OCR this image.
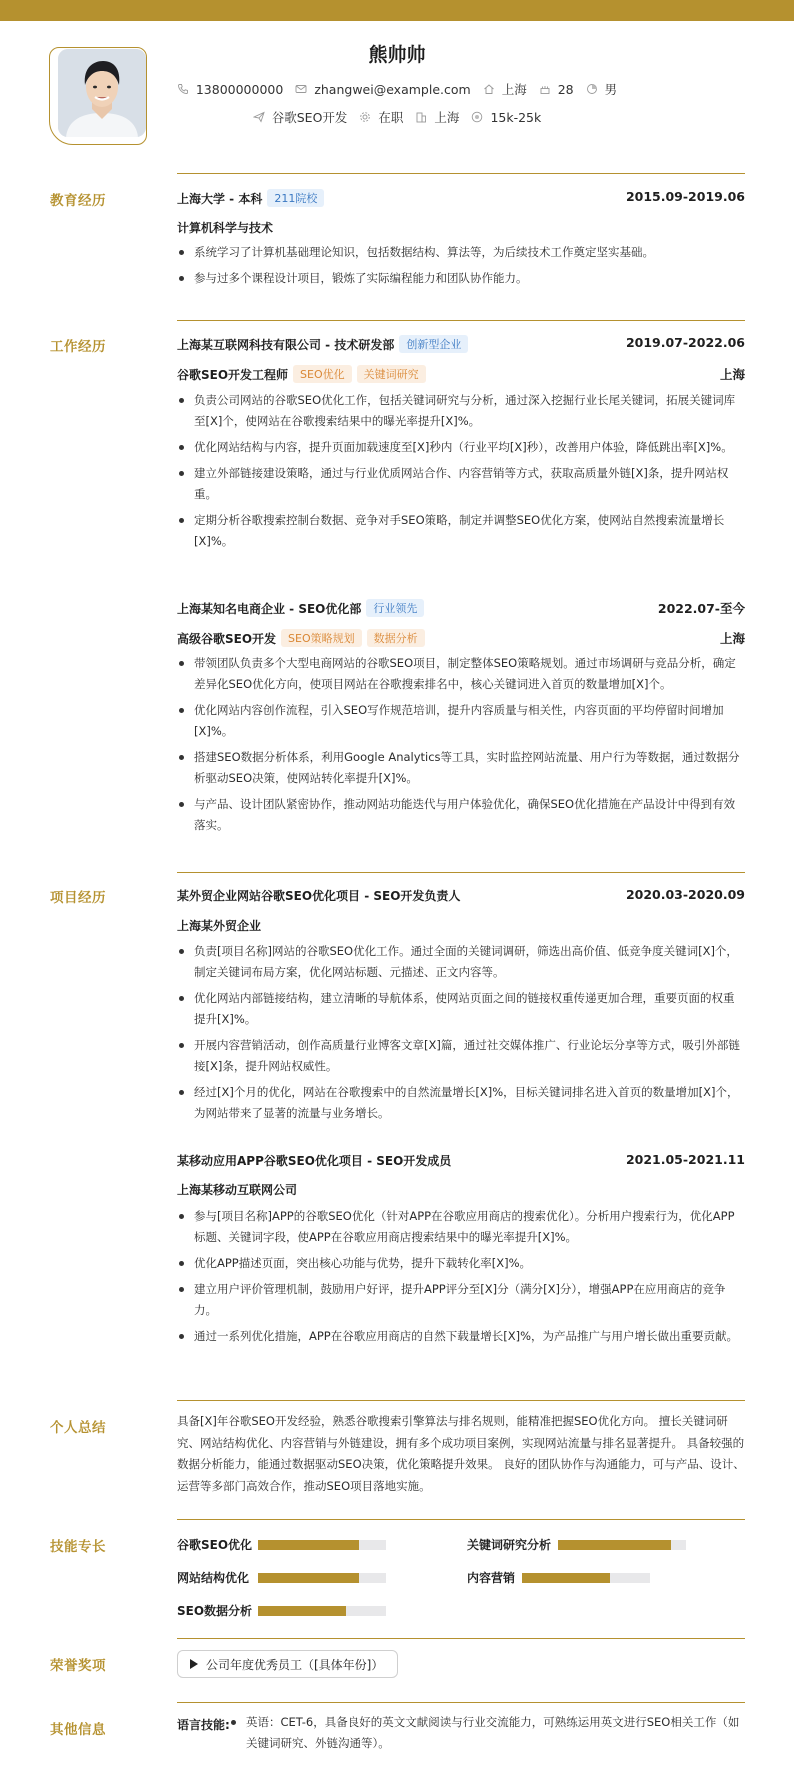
熊帅帅
13800000000 zhangwei@example.com 上海 28 男
谷歌SEO开发 在职 上海 15k-25k
教育经历	上海大学 - 本科 211院校	2015.09-2019.06
计算机科学与技术
系统学习了计算机基础理论知识，包括数据结构、算法等，为后续技术工作奠定坚实基础。
参与过多个课程设计项目，锻炼了实际编程能力和团队协作能力。
工作经历	上海某互联网科技有限公司 - 技术研发部 创新型企业	2019.07-2022.06
谷歌SEO开发工程师 SEO优化 关键词研究	上海
负责公司网站的谷歌SEO优化工作，包括关键词研究与分析，通过深入挖掘行业长尾关键词，拓展关键词库至[X]个，使网站在谷歌搜索结果中的曝光率提升[X]%。
优化网站结构与内容，提升页面加载速度至[X]秒内（行业平均[X]秒），改善用户体验，降低跳出率[X]%。
建立外部链接建设策略，通过与行业优质网站合作、内容营销等方式，获取高质量外链[X]条，提升网站权重。
定期分析谷歌搜索控制台数据、竞争对手SEO策略，制定并调整SEO优化方案，使网站自然搜索流量增长[X]%。
上海某知名电商企业 - SEO优化部 行业领先	2022.07-至今
高级谷歌SEO开发 SEO策略规划 数据分析	上海
带领团队负责多个大型电商网站的谷歌SEO项目，制定整体SEO策略规划。通过市场调研与竞品分析，确定差异化SEO优化方向，使项目网站在谷歌搜索排名中，核心关键词进入首页的数量增加[X]个。
优化网站内容创作流程，引入SEO写作规范培训，提升内容质量与相关性，内容页面的平均停留时间增加[X]%。
搭建SEO数据分析体系，利用Google Analytics等工具，实时监控网站流量、用户行为等数据，通过数据分析驱动SEO决策，使网站转化率提升[X]%。
与产品、设计团队紧密协作，推动网站功能迭代与用户体验优化，确保SEO优化措施在产品设计中得到有效落实。
项目经历	某外贸企业网站谷歌SEO优化项目 - SEO开发负责人	2020.03-2020.09
上海某外贸企业
负责[项目名称]网站的谷歌SEO优化工作。通过全面的关键词调研，筛选出高价值、低竞争度关键词[X]个，制定关键词布局方案，优化网站标题、元描述、正文内容等。
优化网站内部链接结构，建立清晰的导航体系，使网站页面之间的链接权重传递更加合理，重要页面的权重提升[X]%。
开展内容营销活动，创作高质量行业博客文章[X]篇，通过社交媒体推广、行业论坛分享等方式，吸引外部链接[X]条，提升网站权威性。
经过[X]个月的优化，网站在谷歌搜索中的自然流量增长[X]%，目标关键词排名进入首页的数量增加[X]个，为网站带来了显著的流量与业务增长。
某移动应用APP谷歌SEO优化项目 - SEO开发成员	2021.05-2021.11
上海某移动互联网公司
参与[项目名称]APP的谷歌SEO优化（针对APP在谷歌应用商店的搜索优化）。分析用户搜索行为，优化APP标题、关键词字段，使APP在谷歌应用商店搜索结果中的曝光率提升[X]%。
优化APP描述页面，突出核心功能与优势，提升下载转化率[X]%。
建立用户评价管理机制，鼓励用户好评，提升APP评分至[X]分（满分[X]分），增强APP在应用商店的竞争力。
通过一系列优化措施，APP在谷歌应用商店的自然下载量增长[X]%，为产品推广与用户增长做出重要贡献。
个人总结	具备[X]年谷歌SEO开发经验，熟悉谷歌搜索引擎算法与排名规则，能精准把握SEO优化方向。 擅长关键词研究、网站结构优化、内容营销与外链建设，拥有多个成功项目案例，实现网站流量与排名显著提升。 具备较强的数据分析能力，能通过数据驱动SEO决策，优化策略提升效果。 良好的团队协作与沟通能力，可与产品、设计、运营等多部门高效合作，推动SEO项目落地实施。
技能专长	谷歌SEO优化	关键词研究分析
网站结构优化	内容营销
SEO数据分析
荣誉奖项	公司年度优秀员工（[具体年份]）
其他信息	语言技能:	英语：CET-6，具备良好的英文文献阅读与行业交流能力，可熟练运用英文进行SEO相关工作（如关键词研究、外链沟通等）。
